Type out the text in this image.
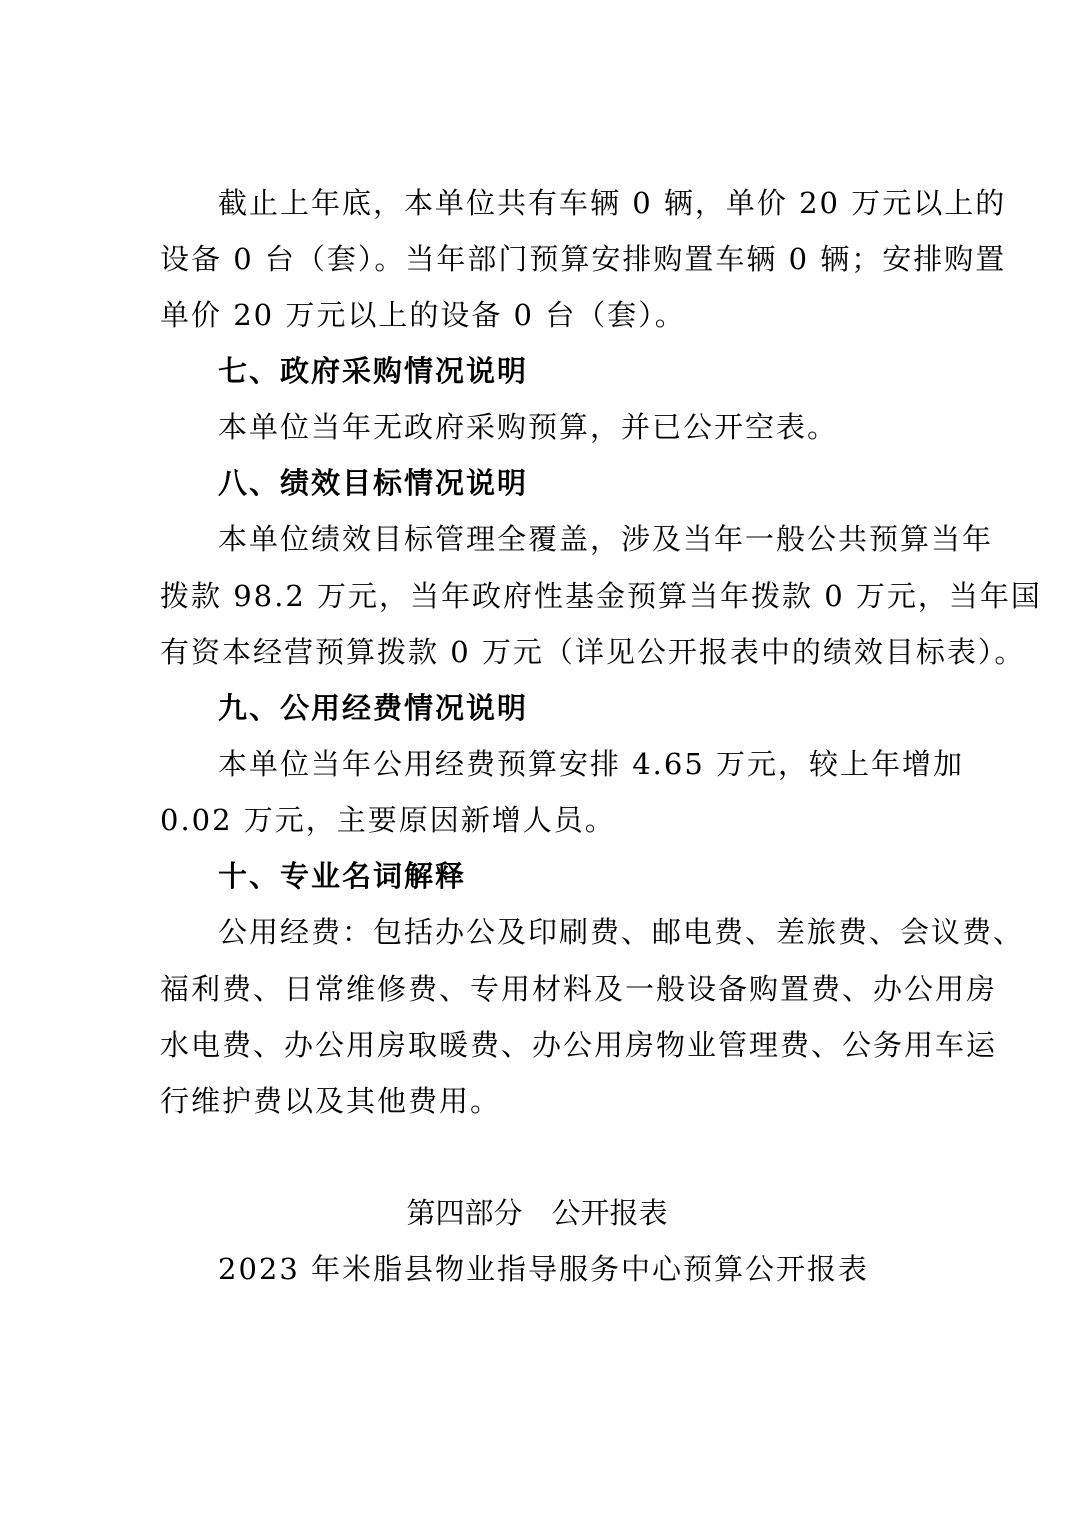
截止上年底，本单位共有车辆 0 辆，单价 20 万元以上的
设备 0 台（套）。当年部门预算安排购置车辆 0 辆；安排购置
单价 20 万元以上的设备 0 台（套）。
七、政府采购情况说明
本单位当年无政府采购预算，并已公开空表。
八、绩效目标情况说明
本单位绩效目标管理全覆盖，涉及当年一般公共预算当年
拨款 98.2 万元，当年政府性基金预算当年拨款 0 万元，当年国
有资本经营预算拨款 0 万元（详见公开报表中的绩效目标表）。
九、公用经费情况说明
本单位当年公用经费预算安排 4.65 万元，较上年增加
0.02 万元，主要原因新增人员。
十、专业名词解释
公用经费：包括办公及印刷费、邮电费、差旅费、会议费、
福利费、日常维修费、专用材料及一般设备购置费、办公用房
水电费、办公用房取暖费、办公用房物业管理费、公务用车运
行维护费以及其他费用。
第四部分　公开报表
2023 年米脂县物业指导服务中心预算公开报表
